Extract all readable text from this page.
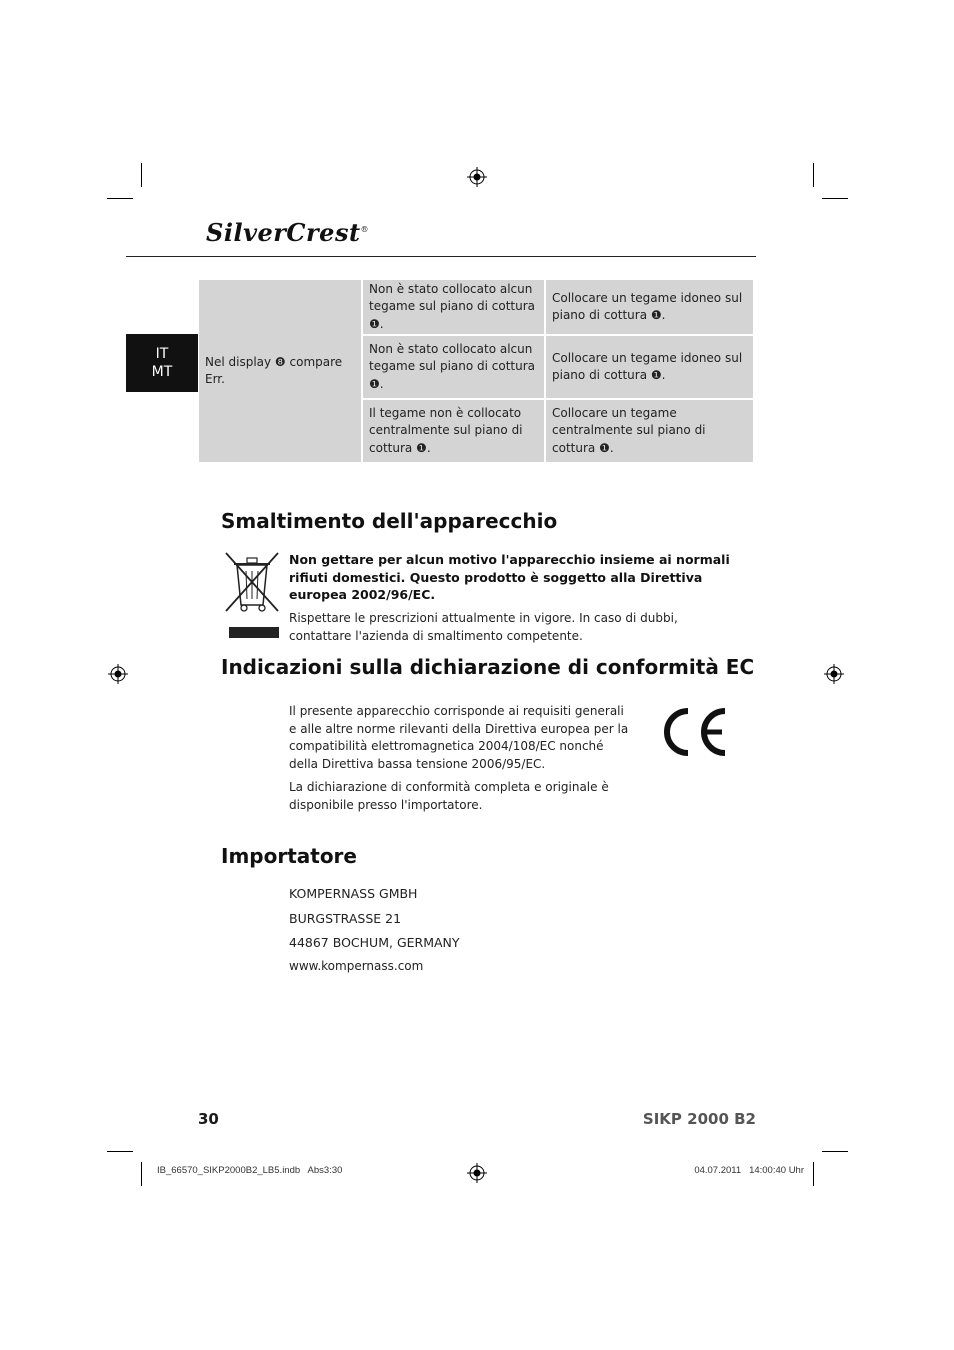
SilverCrest®
IT
MT
Nel display ❽ compare Err.
Non è stato collocato alcun tegame sul piano di cottura ❶.
Collocare un tegame idoneo sul piano di cottura ❶.
Non è stato collocato alcun tegame sul piano di cottura ❶.
Collocare un tegame idoneo sul piano di cottura ❶.
Il tegame non è collocato centralmente sul piano di cottura ❶.
Collocare un tegame centralmente sul piano di cottura ❶.
Smaltimento dell'apparecchio
Non gettare per alcun motivo l'apparecchio insieme ai normali rifiuti domestici. Questo prodotto è soggetto alla Direttiva europea 2002/96/EC.
Rispettare le prescrizioni attualmente in vigore. In caso di dubbi, contattare l'azienda di smaltimento competente.
Indicazioni sulla dichiarazione di conformità EC
Il presente apparecchio corrisponde ai requisiti generali e alle altre norme rilevanti della Direttiva europea per la compatibilità elettromagnetica 2004/108/EC nonché della Direttiva bassa tensione 2006/95/EC.
La dichiarazione di conformità completa e originale è disponibile presso l'importatore.
Importatore
KOMPERNASS GMBH
BURGSTRASSE 21
44867 BOCHUM, GERMANY
www.kompernass.com
30	SIKP 2000 B2
IB_66570_SIKP2000B2_LB5.indb   Abs3:30	04.07.2011   14:00:40 Uhr
